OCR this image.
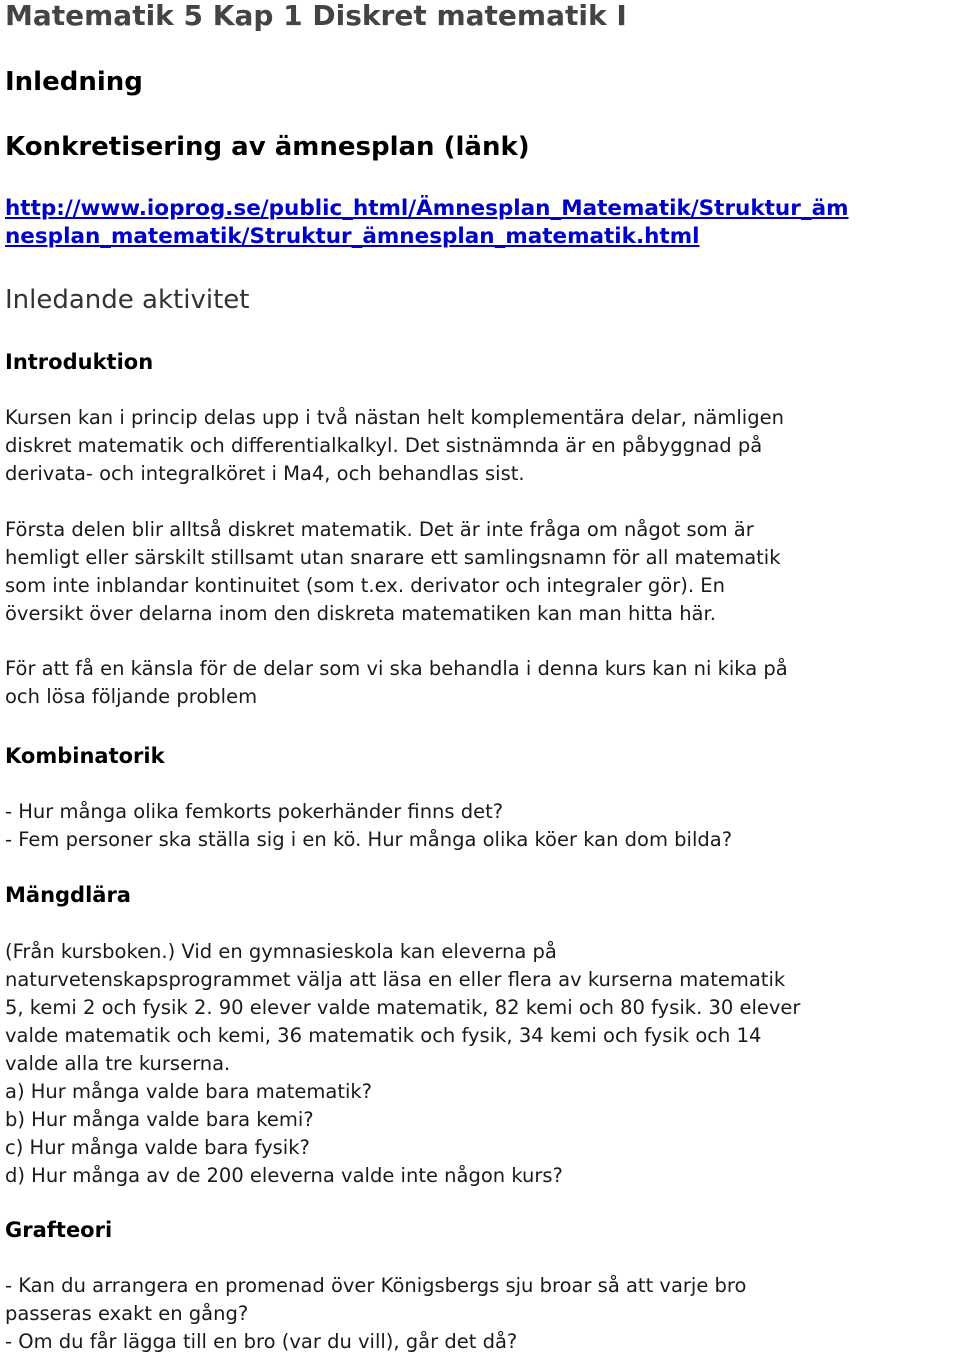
Matematik 5 Kap 1 Diskret matematik I
Inledning
Konkretisering av ämnesplan (länk)
http://www.ioprog.se/public_html/Ämnesplan_Matematik/Struktur_äm
nesplan_matematik/Struktur_ämnesplan_matematik.html
Inledande aktivitet
Introduktion

Kursen kan i princip delas upp i två nästan helt komplementära delar, nämligen
diskret matematik och differentialkalkyl. Det sistnämnda är en påbyggnad på
derivata- och integralköret i Ma4, och behandlas sist.

Första delen blir alltså diskret matematik. Det är inte fråga om något som är
hemligt eller särskilt stillsamt utan snarare ett samlingsnamn för all matematik
som inte inblandar kontinuitet (som t.ex. derivator och integraler gör). En
översikt över delarna inom den diskreta matematiken kan man hitta här.

För att få en känsla för de delar som vi ska behandla i denna kurs kan ni kika på
och lösa följande problem

Kombinatorik

- Hur många olika femkorts pokerhänder finns det?
- Fem personer ska ställa sig i en kö. Hur många olika köer kan dom bilda?

Mängdlära

(Från kursboken.) Vid en gymnasieskola kan eleverna på
naturvetenskapsprogrammet välja att läsa en eller flera av kurserna matematik
5, kemi 2 och fysik 2. 90 elever valde matematik, 82 kemi och 80 fysik. 30 elever
valde matematik och kemi, 36 matematik och fysik, 34 kemi och fysik och 14
valde alla tre kurserna.
a) Hur många valde bara matematik?
b) Hur många valde bara kemi?
c) Hur många valde bara fysik?
d) Hur många av de 200 eleverna valde inte någon kurs?

Grafteori

- Kan du arrangera en promenad över Königsbergs sju broar så att varje bro
passeras exakt en gång?
- Om du får lägga till en bro (var du vill), går det då?
